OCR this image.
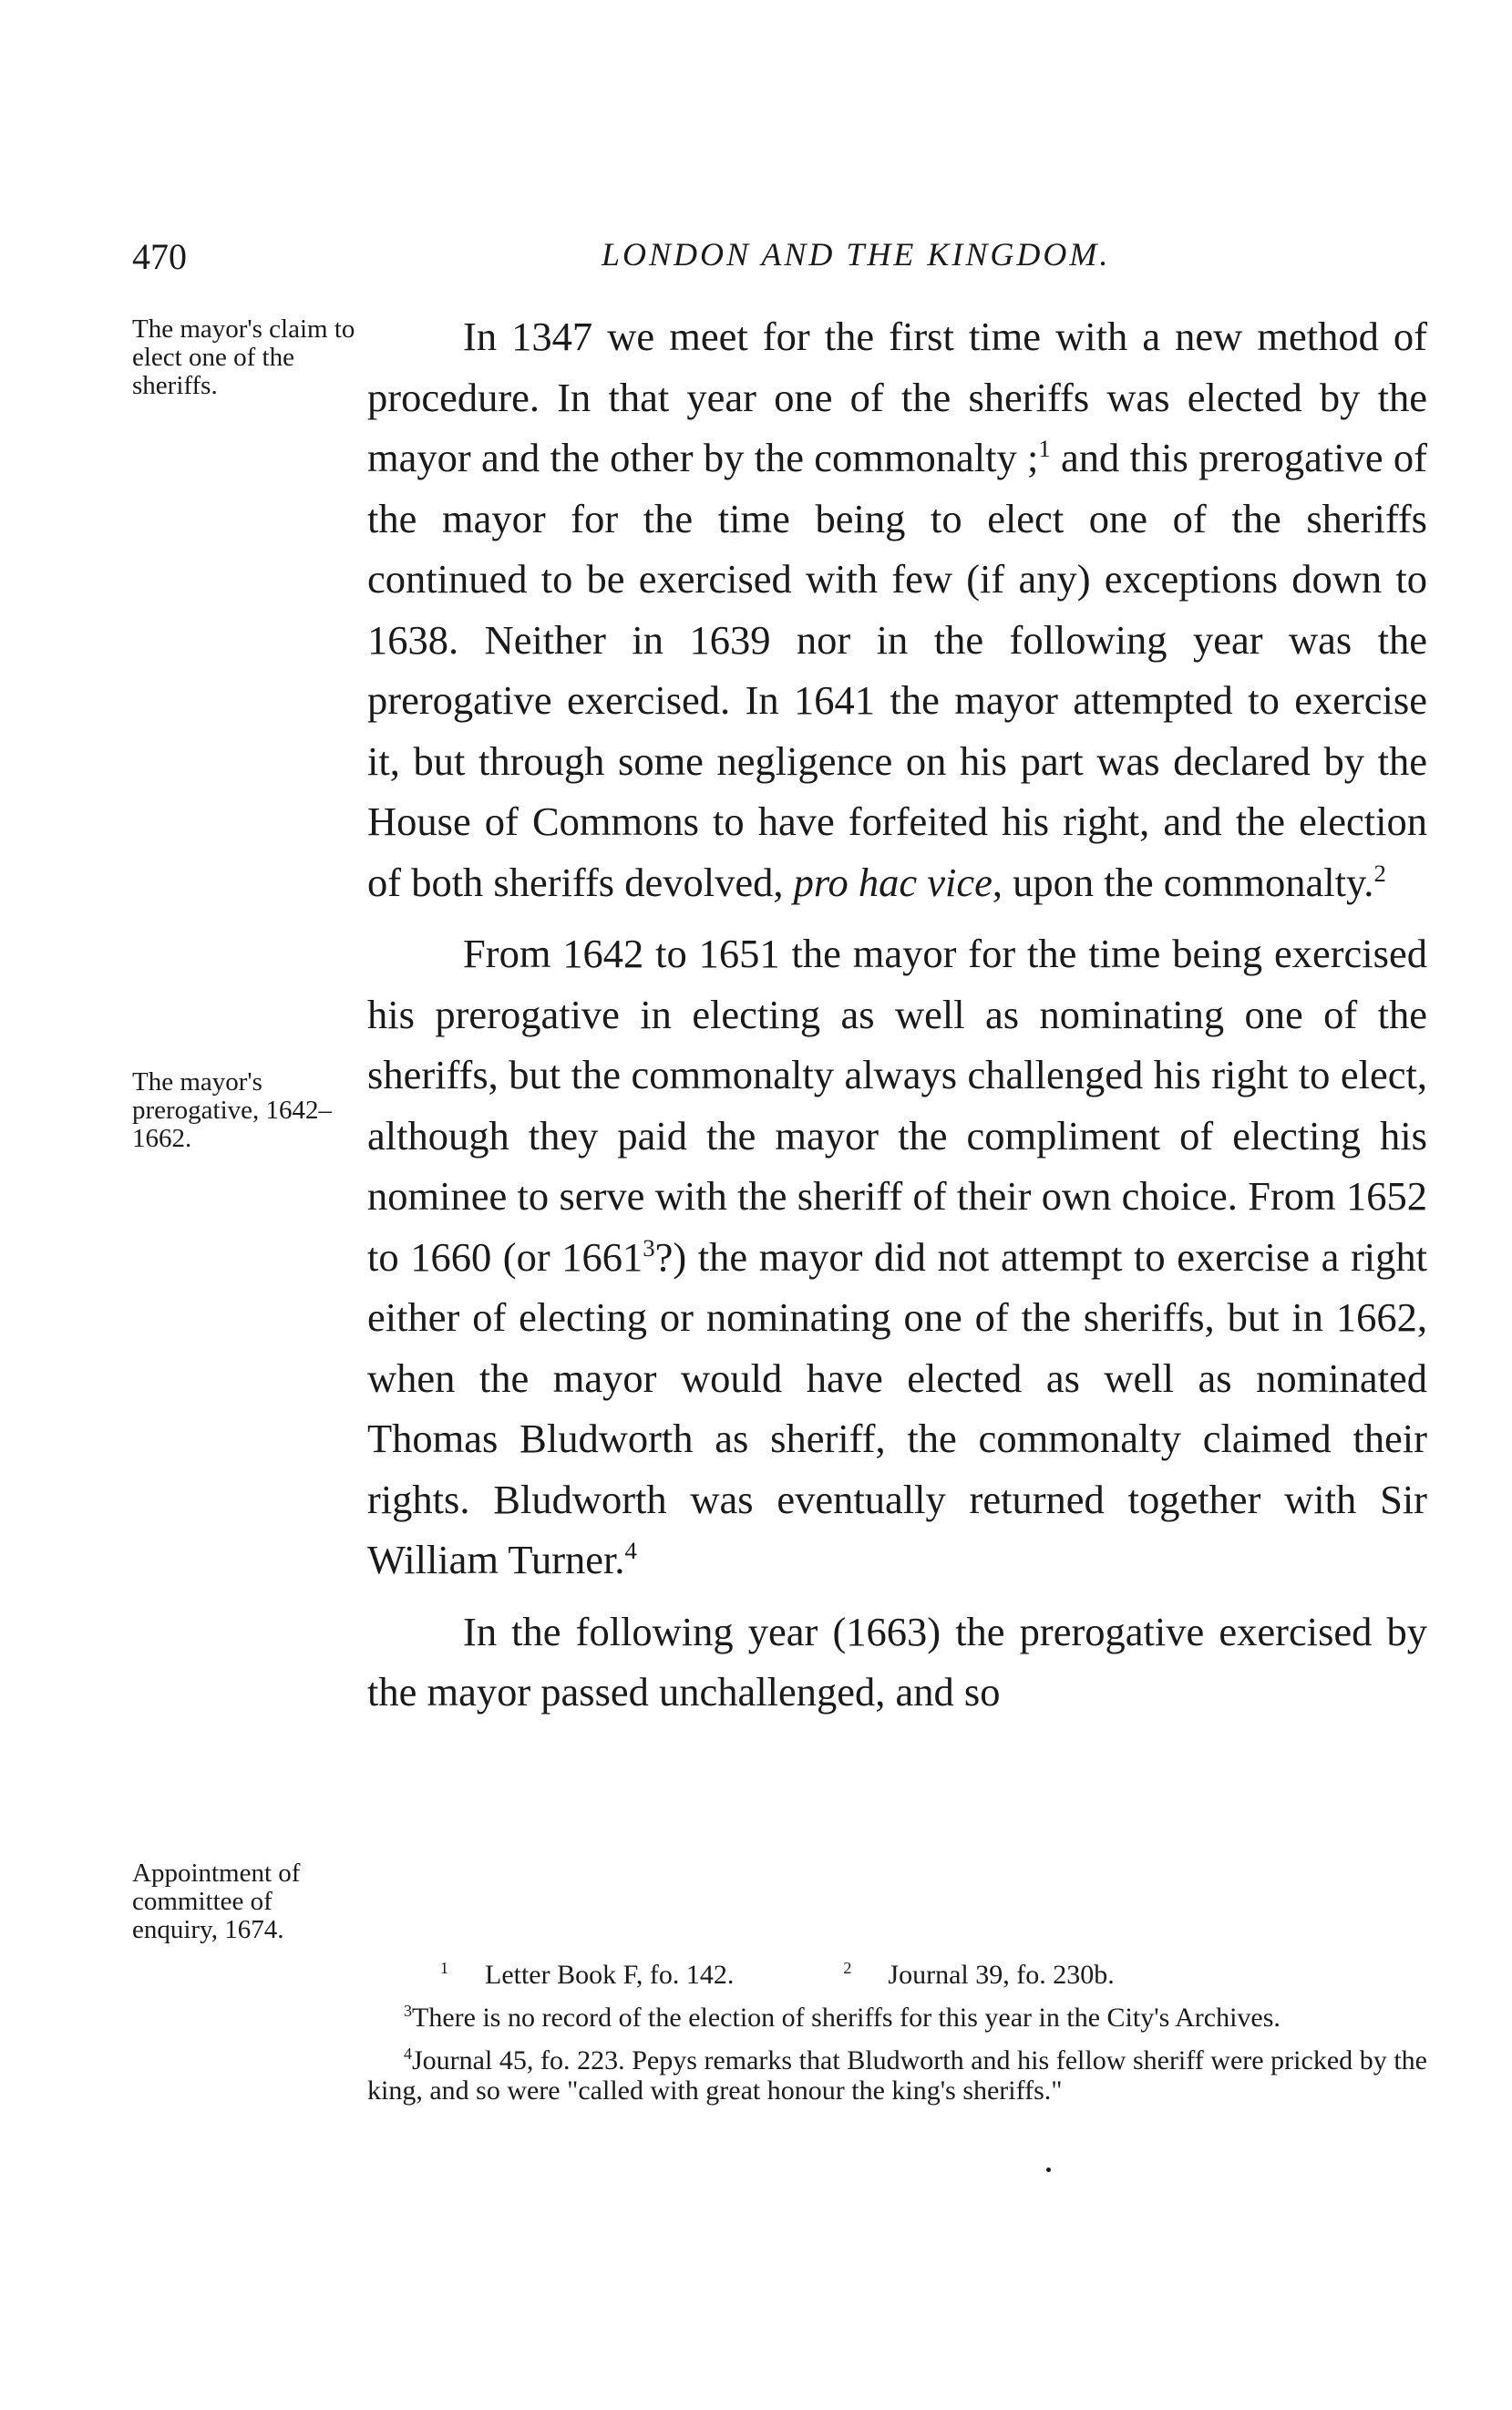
470	LONDON AND THE KINGDOM.
The mayor's claim to elect one of the sheriffs.
The mayor's prerogative, 1642–1662.
Appointment of committee of enquiry, 1674.

In 1347 we meet for the first time with a new method of procedure. In that year one of the sheriffs was elected by the mayor and the other by the commonalty ;$^1$ and this prerogative of the mayor for the time being to elect one of the sheriffs continued to be exercised with few (if any) exceptions down to 1638. Neither in 1639 nor in the following year was the prerogative exercised. In 1641 the mayor attempted to exercise it, but through some negligence on his part was declared by the House of Commons to have forfeited his right, and the election of both sheriffs devolved, pro hac vice, upon the commonalty.$^2$

From 1642 to 1651 the mayor for the time being exercised his prerogative in electing as well as nominating one of the sheriffs, but the commonalty always challenged his right to elect, although they paid the mayor the compliment of electing his nominee to serve with the sheriff of their own choice. From 1652 to 1660 (or 1661$^3$?) the mayor did not attempt to exercise a right either of electing or nominating one of the sheriffs, but in 1662, when the mayor would have elected as well as nominated Thomas Bludworth as sheriff, the commonalty claimed their rights. Bludworth was eventually returned together with Sir William Turner.$^4$

In the following year (1663) the prerogative exercised by the mayor passed unchallenged, and so

$^1$ Letter Book F, fo. 142.	$^2$ Journal 39, fo. 230b.

$^3$There is no record of the election of sheriffs for this year in the City's Archives.

$^4$Journal 45, fo. 223. Pepys remarks that Bludworth and his fellow sheriff were pricked by the king, and so were "called with great honour the king's sheriffs."
